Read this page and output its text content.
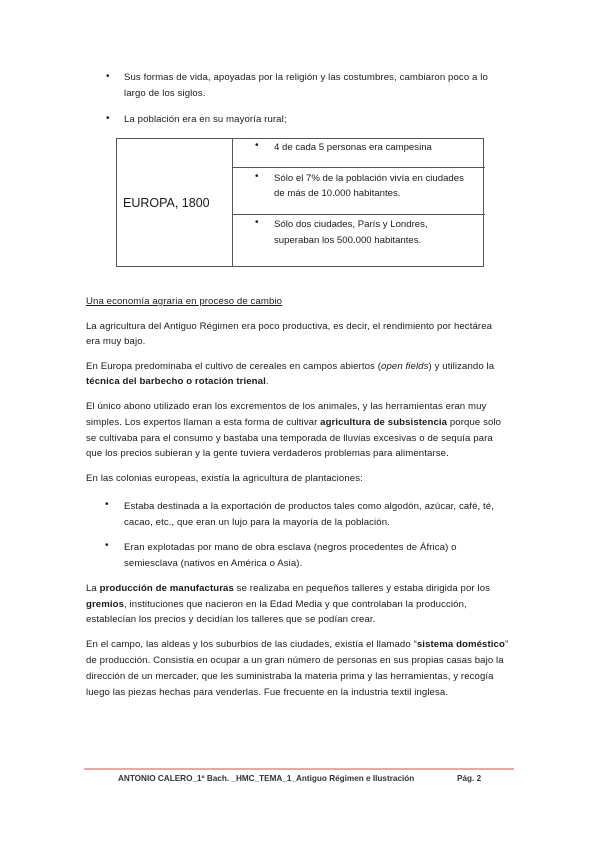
• Sus formas de vida, apoyadas por la religión y las costumbres, cambiaron poco a lo
largo de los siglos.
• La población era en su mayoría rural;
EUROPA, 1800
• 4 de cada 5 personas era campesina
• Sólo el 7% de la población vivía en ciudades
de más de 10.000 habitantes.
• Sólo dos ciudades, París y Londres,
superaban los 500.000 habitantes.
Una economía agraria en proceso de cambio
La agricultura del Antiguo Régimen era poco productiva, es decir, el rendimiento por hectárea
era muy bajo.
En Europa predominaba el cultivo de cereales en campos abiertos (open fields) y utilizando la
técnica del barbecho o rotación trienal.
El único abono utilizado eran los excrementos de los animales, y las herramientas eran muy
simples. Los expertos llaman a esta forma de cultivar agricultura de subsistencia porque solo
se cultivaba para el consumo y bastaba una temporada de lluvias excesivas o de sequía para
que los precios subieran y la gente tuviera verdaderos problemas para alimentarse.
En las colonias europeas, existía la agricultura de plantaciones:
• Estaba destinada a la exportación de productos tales como algodón, azúcar, café, té,
cacao, etc., que eran un lujo para la mayoría de la población.
• Eran explotadas por mano de obra esclava (negros procedentes de África) o
semiesclava (nativos en América o Asia).
La producción de manufacturas se realizaba en pequeños talleres y estaba dirigida por los
gremios, instituciones que nacieron en la Edad Media y que controlaban la producción,
establecían los precios y decidían los talleres que se podían crear.
En el campo, las aldeas y los suburbios de las ciudades, existía el llamado “sistema doméstico”
de producción. Consistía en ocupar a un gran número de personas en sus propias casas bajo la
dirección de un mercader, que les suministraba la materia prima y las herramientas, y recogía
luego las piezas hechas para venderlas. Fue frecuente en la industria textil inglesa.
ANTONIO CALERO_1º Bach. _HMC_TEMA_1_Antiguo Régimen e Ilustración	Pág. 2
